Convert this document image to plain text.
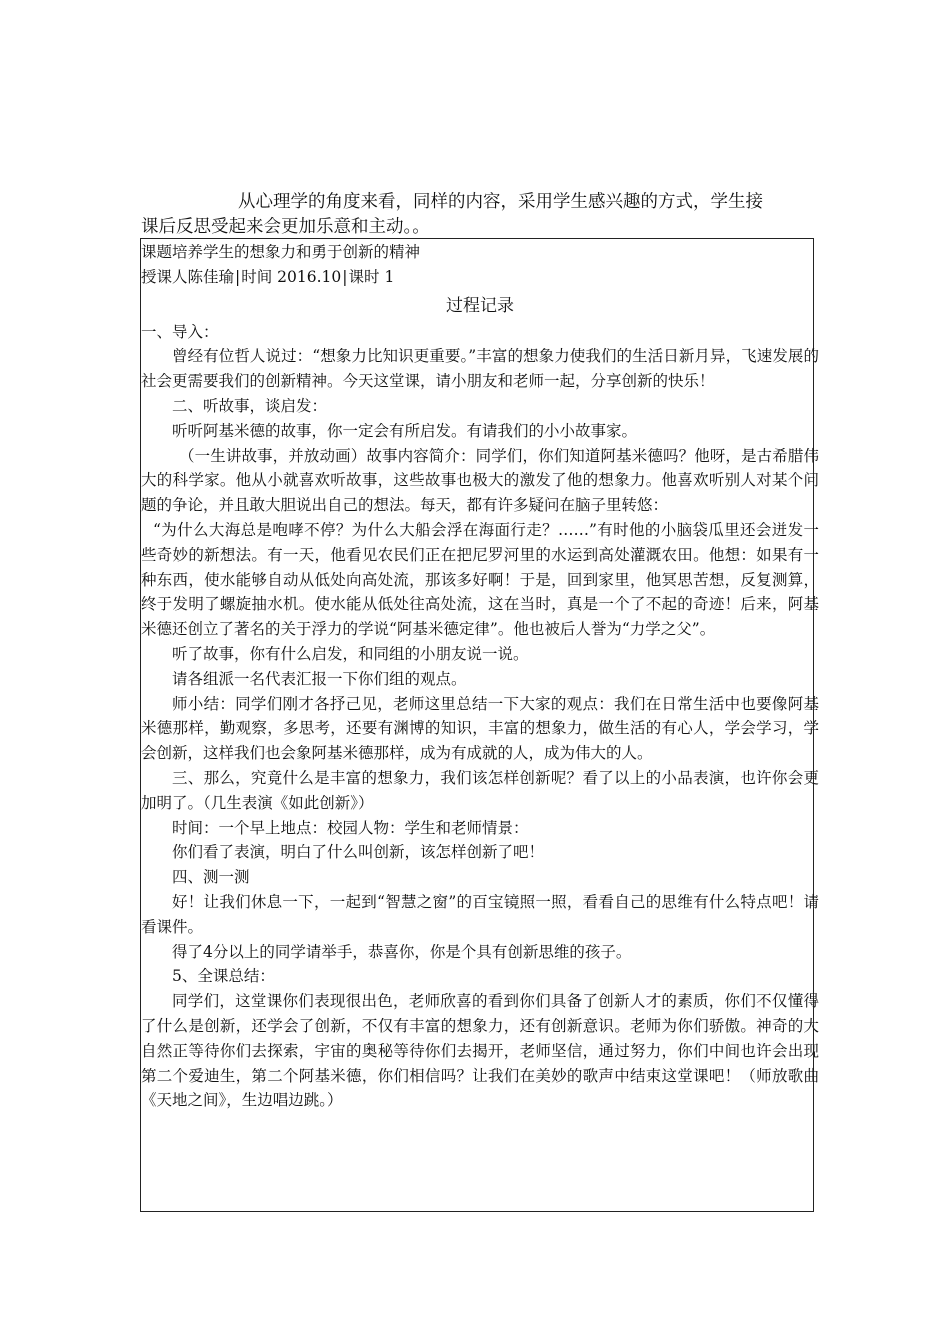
从心理学的角度来看，同样的内容，采用学生感兴趣的方式，学生接

课后反思受起来会更加乐意和主动。。

课题培养学生的想象力和勇于创新的精神

授课人陈佳瑜|时间 2016.10|课时 1

过程记录

一、导入：

曾经有位哲人说过：“想象力比知识更重要。”丰富的想象力使我们的生活日新月异，飞速发展的社会更需要我们的创新精神。今天这堂课，请小朋友和老师一起，分享创新的快乐！

二、听故事，谈启发：

听听阿基米德的故事，你一定会有所启发。有请我们的小小故事家。

（一生讲故事，并放动画）故事内容简介：同学们，你们知道阿基米德吗？他呀，是古希腊伟大的科学家。他从小就喜欢听故事，这些故事也极大的激发了他的想象力。他喜欢听别人对某个问题的争论，并且敢大胆说出自己的想法。每天，都有许多疑问在脑子里转悠：

“为什么大海总是咆哮不停？为什么大船会浮在海面行走？……”有时他的小脑袋瓜里还会迸发一些奇妙的新想法。有一天，他看见农民们正在把尼罗河里的水运到高处灌溉农田。他想：如果有一种东西，使水能够自动从低处向高处流，那该多好啊！于是，回到家里，他冥思苦想，反复测算，终于发明了螺旋抽水机。使水能从低处往高处流，这在当时，真是一个了不起的奇迹！后来，阿基米德还创立了著名的关于浮力的学说“阿基米德定律”。他也被后人誉为“力学之父”。

听了故事，你有什么启发，和同组的小朋友说一说。

请各组派一名代表汇报一下你们组的观点。

师小结：同学们刚才各抒己见，老师这里总结一下大家的观点：我们在日常生活中也要像阿基米德那样，勤观察，多思考，还要有渊博的知识，丰富的想象力，做生活的有心人，学会学习，学会创新，这样我们也会象阿基米德那样，成为有成就的人，成为伟大的人。

三、那么，究竟什么是丰富的想象力，我们该怎样创新呢？看了以上的小品表演，也许你会更加明了。（几生表演《如此创新》）

时间：一个早上地点：校园人物：学生和老师情景：

你们看了表演，明白了什么叫创新，该怎样创新了吧！

四、测一测

好！让我们休息一下，一起到“智慧之窗”的百宝镜照一照，看看自己的思维有什么特点吧！请看课件。

得了4分以上的同学请举手，恭喜你，你是个具有创新思维的孩子。

5、全课总结：

同学们，这堂课你们表现很出色，老师欣喜的看到你们具备了创新人才的素质，你们不仅懂得了什么是创新，还学会了创新，不仅有丰富的想象力，还有创新意识。老师为你们骄傲。神奇的大自然正等待你们去探索，宇宙的奥秘等待你们去揭开，老师坚信，通过努力，你们中间也许会出现第二个爱迪生，第二个阿基米德，你们相信吗？让我们在美妙的歌声中结束这堂课吧！（师放歌曲《天地之间》，生边唱边跳。）
